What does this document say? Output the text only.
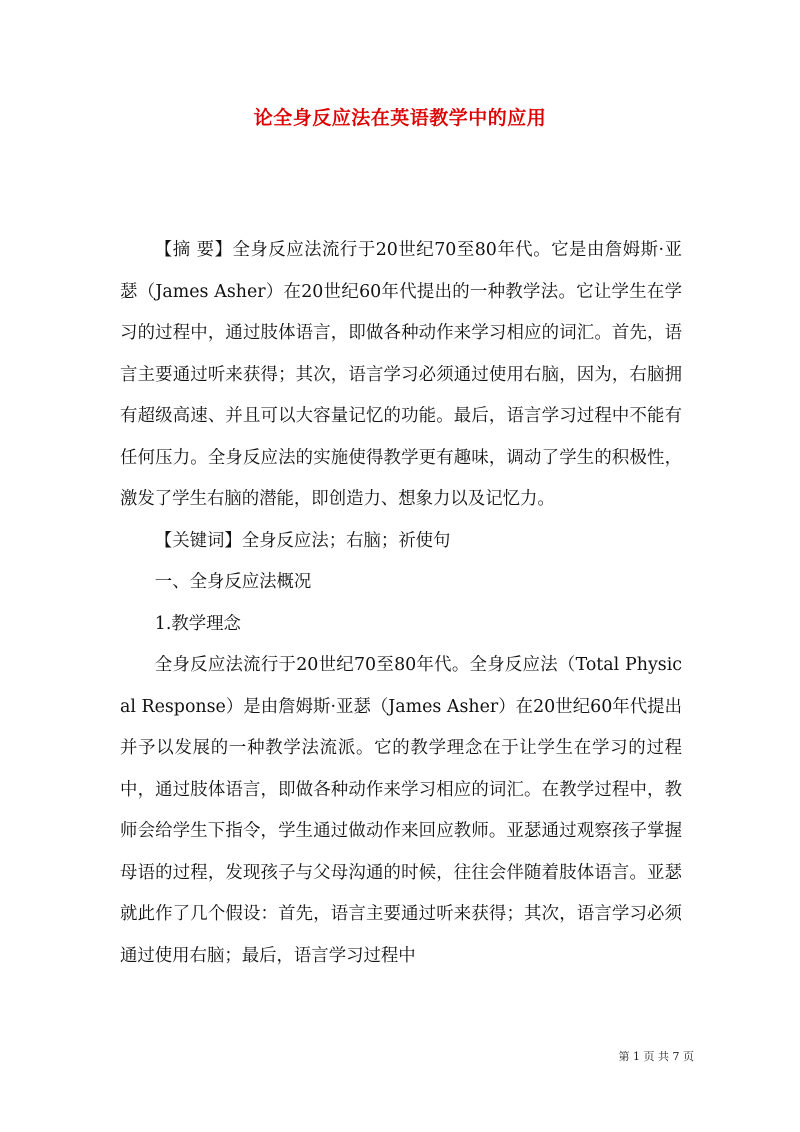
论全身反应法在英语教学中的应用

【摘 要】全身反应法流行于20世纪70至80年代。它是由詹姆斯·亚瑟（James Asher）在20世纪60年代提出的一种教学法。它让学生在学习的过程中，通过肢体语言，即做各种动作来学习相应的词汇。首先，语言主要通过听来获得；其次，语言学习必须通过使用右脑，因为，右脑拥有超级高速、并且可以大容量记忆的功能。最后，语言学习过程中不能有任何压力。全身反应法的实施使得教学更有趣味，调动了学生的积极性，激发了学生右脑的潜能，即创造力、想象力以及记忆力。

【关键词】全身反应法；右脑；祈使句

一、全身反应法概况

1.教学理念

全身反应法流行于20世纪70至80年代。全身反应法（Total Physical Response）是由詹姆斯·亚瑟（James Asher）在20世纪60年代提出并予以发展的一种教学法流派。它的教学理念在于让学生在学习的过程中，通过肢体语言，即做各种动作来学习相应的词汇。在教学过程中，教师会给学生下指令，学生通过做动作来回应教师。亚瑟通过观察孩子掌握母语的过程，发现孩子与父母沟通的时候，往往会伴随着肢体语言。亚瑟就此作了几个假设：首先，语言主要通过听来获得；其次，语言学习必须通过使用右脑；最后，语言学习过程中

第 1 页 共 7 页
